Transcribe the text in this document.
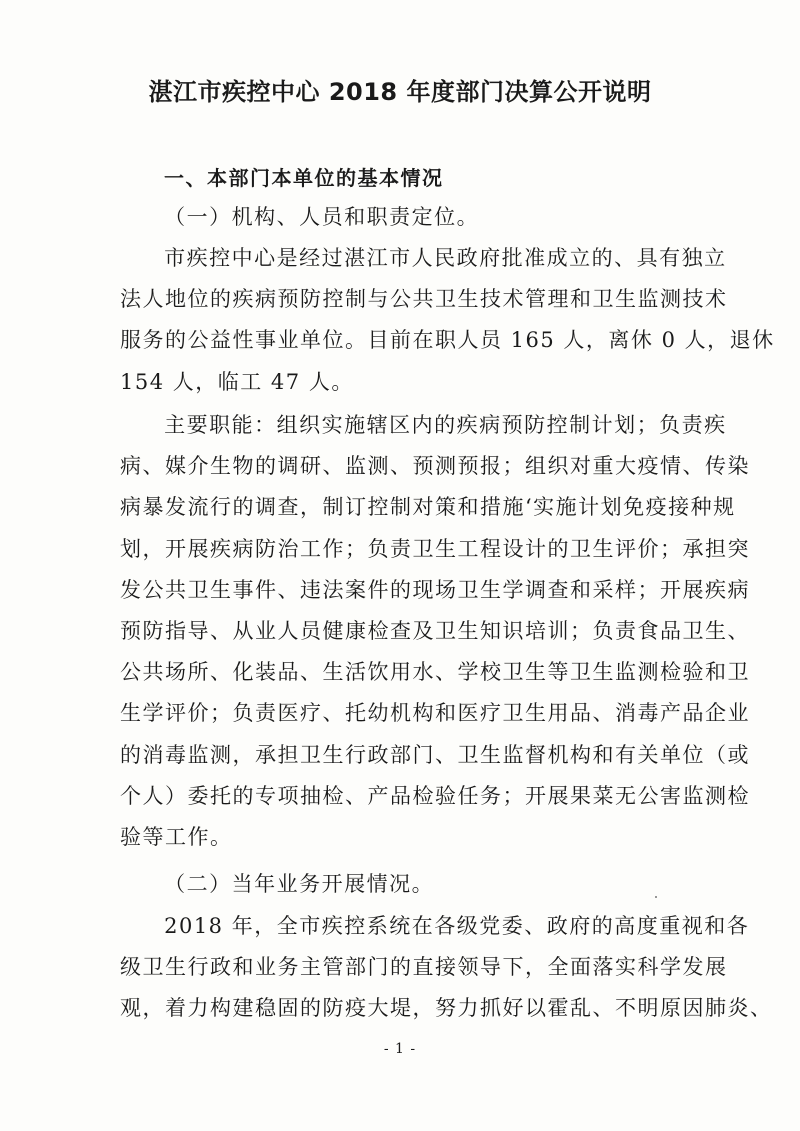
湛江市疾控中心 2018 年度部门决算公开说明
一、本部门本单位的基本情况
（一）机构、人员和职责定位。
市疾控中心是经过湛江市人民政府批准成立的、具有独立
法人地位的疾病预防控制与公共卫生技术管理和卫生监测技术
服务的公益性事业单位。目前在职人员 165 人，离休 0 人，退休
154 人，临工 47 人。
主要职能：组织实施辖区内的疾病预防控制计划；负责疾
病、媒介生物的调研、监测、预测预报；组织对重大疫情、传染
病暴发流行的调查，制订控制对策和措施‘实施计划免疫接种规
划，开展疾病防治工作；负责卫生工程设计的卫生评价；承担突
发公共卫生事件、违法案件的现场卫生学调查和采样；开展疾病
预防指导、从业人员健康检查及卫生知识培训；负责食品卫生、
公共场所、化装品、生活饮用水、学校卫生等卫生监测检验和卫
生学评价；负责医疗、托幼机构和医疗卫生用品、消毒产品企业
的消毒监测，承担卫生行政部门、卫生监督机构和有关单位（或
个人）委托的专项抽检、产品检验任务；开展果菜无公害监测检
验等工作。
（二）当年业务开展情况。
2018 年，全市疾控系统在各级党委、政府的高度重视和各
级卫生行政和业务主管部门的直接领导下，全面落实科学发展
观，着力构建稳固的防疫大堤，努力抓好以霍乱、不明原因肺炎、
- 1 -
